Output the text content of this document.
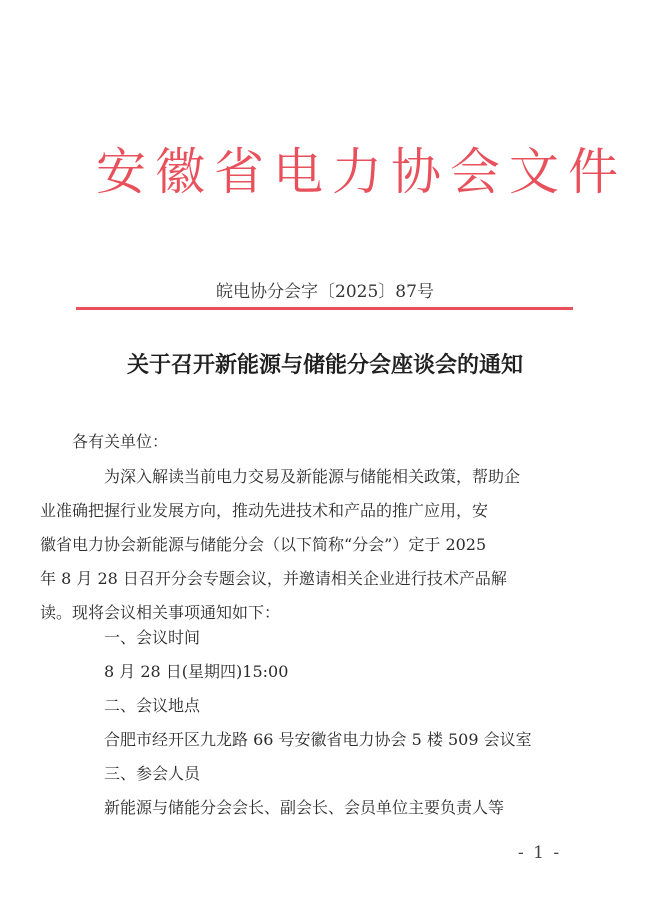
安徽省电力协会文件
皖电协分会字〔2025〕87号
关于召开新能源与储能分会座谈会的通知
各有关单位：
为深入解读当前电力交易及新能源与储能相关政策，帮助企
业准确把握行业发展方向，推动先进技术和产品的推广应用，安
徽省电力协会新能源与储能分会（以下简称“分会”）定于 2025
年 8 月 28 日召开分会专题会议，并邀请相关企业进行技术产品解
读。现将会议相关事项通知如下：
一、会议时间
8 月 28 日(星期四)15:00
二、会议地点
合肥市经开区九龙路 66 号安徽省电力协会 5 楼 509 会议室
三、参会人员
新能源与储能分会会长、副会长、会员单位主要负责人等
- 1 -
